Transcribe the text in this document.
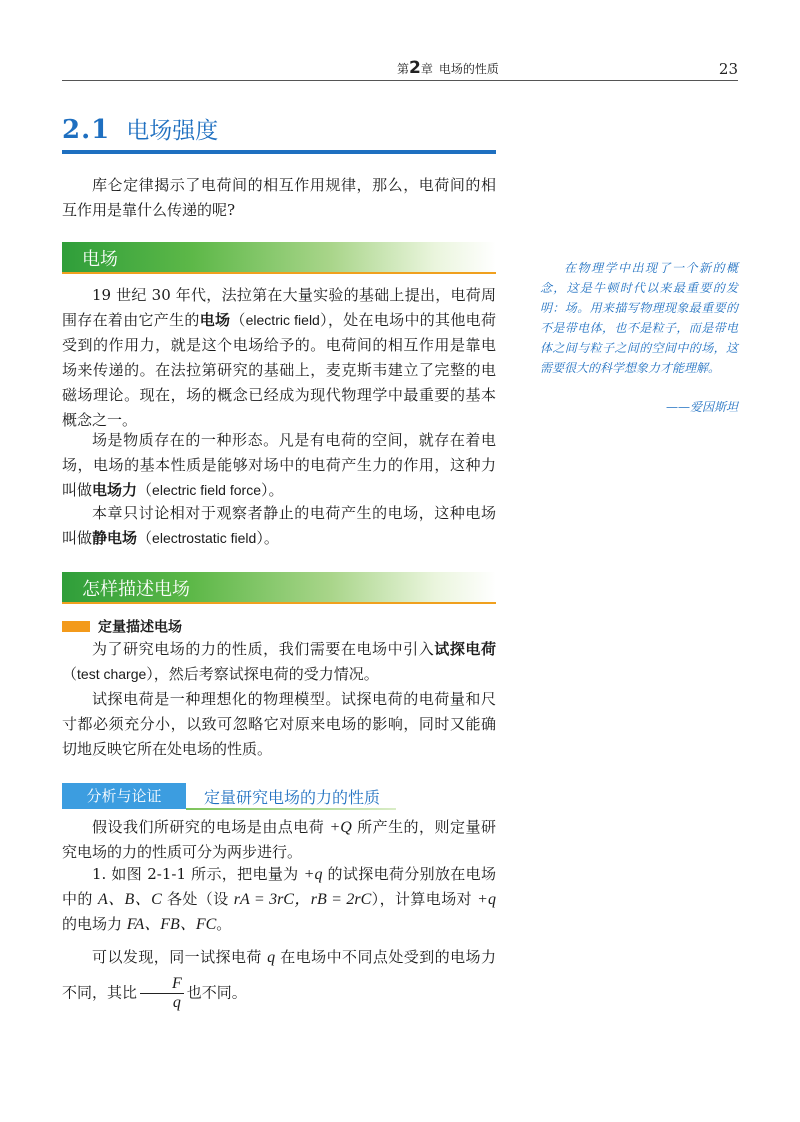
第2章 电场的性质	23
2.1 电场强度
库仑定律揭示了电荷间的相互作用规律，那么，电荷间的相互作用是靠什么传递的呢?
电场
19 世纪 30 年代，法拉第在大量实验的基础上提出，电荷周围存在着由它产生的电场（electric field），处在电场中的其他电荷受到的作用力，就是这个电场给予的。电荷间的相互作用是靠电场来传递的。在法拉第研究的基础上，麦克斯韦建立了完整的电磁场理论。现在，场的概念已经成为现代物理学中最重要的基本概念之一。
场是物质存在的一种形态。凡是有电荷的空间，就存在着电场，电场的基本性质是能够对场中的电荷产生力的作用，这种力叫做电场力（electric field force）。
本章只讨论相对于观察者静止的电荷产生的电场，这种电场叫做静电场（electrostatic field）。
怎样描述电场
定量描述电场
为了研究电场的力的性质，我们需要在电场中引入试探电荷（test charge），然后考察试探电荷的受力情况。
试探电荷是一种理想化的物理模型。试探电荷的电荷量和尺寸都必须充分小，以致可忽略它对原来电场的影响，同时又能确切地反映它所在处电场的性质。
分析与论证	定量研究电场的力的性质
假设我们所研究的电场是由点电荷 +Q 所产生的，则定量研究电场的力的性质可分为两步进行。
1. 如图 2-1-1 所示，把电量为 +q 的试探电荷分别放在电场中的 A、B、C 各处（设 rA = 3rC，rB = 2rC），计算电场对 +q 的电场力 FA、FB、FC。
可以发现，同一试探电荷 q 在电场中不同点处受到的电场力不同，其比 $\frac{F}{q}$ 也不同。
在物理学中出现了一个新的概念，这是牛顿时代以来最重要的发明：场。用来描写物理现象最重要的不是带电体，也不是粒子，而是带电体之间与粒子之间的空间中的场，这需要很大的科学想象力才能理解。
——爱因斯坦
